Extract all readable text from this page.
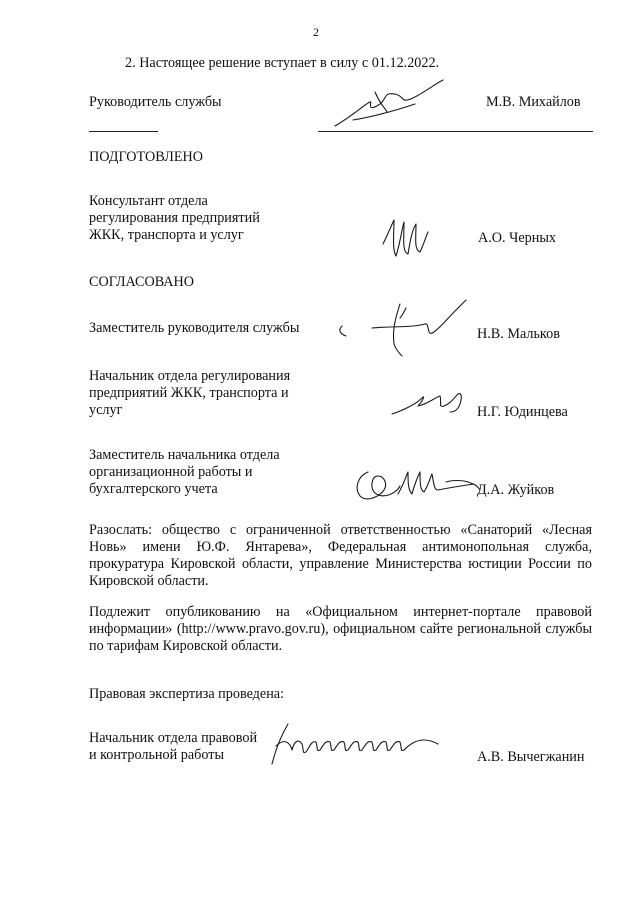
2
2. Настоящее решение вступает в силу с 01.12.2022.
Руководитель службы	М.В. Михайлов
ПОДГОТОВЛЕНО
Консультант отдела
регулирования предприятий
ЖКК, транспорта и услуг	А.О. Черных
СОГЛАСОВАНО
Заместитель руководителя службы	Н.В. Мальков
Начальник отдела регулирования
предприятий ЖКК, транспорта и
услуг	Н.Г. Юдинцева
Заместитель начальника отдела
организационной работы и
бухгалтерского учета	Д.А. Жуйков
Разослать: общество с ограниченной ответственностью «Санаторий «Лесная Новь» имени Ю.Ф. Янтарева», Федеральная антимонопольная служба, прокуратура Кировской области, управление Министерства юстиции России по Кировской области.
Подлежит опубликованию на «Официальном интернет-портале правовой информации» (http://www.pravo.gov.ru), официальном сайте региональной службы по тарифам Кировской области.
Правовая экспертиза проведена:
Начальник отдела правовой
и контрольной работы	А.В. Вычегжанин
